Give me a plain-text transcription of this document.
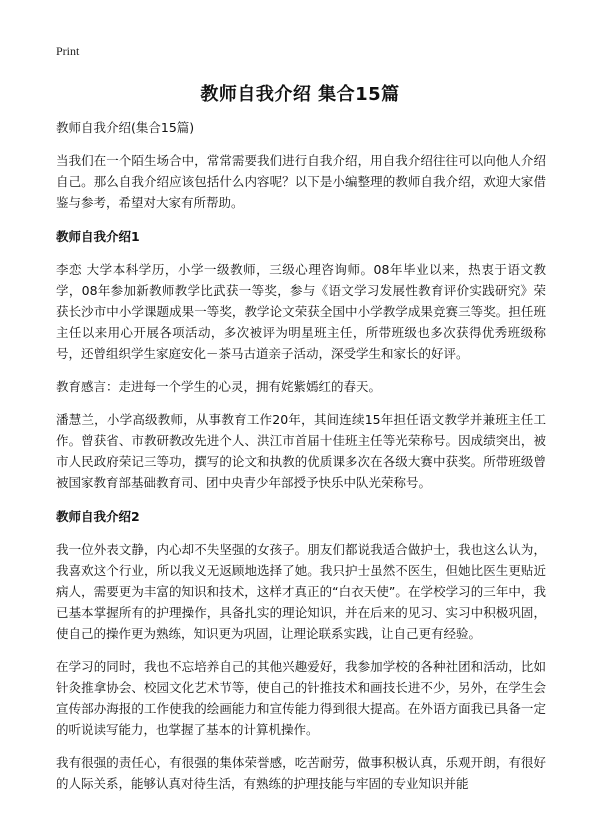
Print
教师自我介绍 集合15篇
教师自我介绍(集合15篇)

当我们在一个陌生场合中，常常需要我们进行自我介绍，用自我介绍往往可以向他人介绍自己。那么自我介绍应该包括什么内容呢？以下是小编整理的教师自我介绍，欢迎大家借鉴与参考，希望对大家有所帮助。

教师自我介绍1

李恋 大学本科学历，小学一级教师，三级心理咨询师。08年毕业以来，热衷于语文教学，08年参加新教师教学比武获一等奖，参与《语文学习发展性教育评价实践研究》荣获长沙市中小学课题成果一等奖，教学论文荣获全国中小学教学成果竞赛三等奖。担任班主任以来用心开展各项活动，多次被评为明星班主任，所带班级也多次获得优秀班级称号，还曾组织学生家庭安化－茶马古道亲子活动，深受学生和家长的好评。

教育感言：走进每一个学生的心灵，拥有姹紫嫣红的春天。

潘慧兰，小学高级教师，从事教育工作20年，其间连续15年担任语文教学并兼班主任工作。曾获省、市教研教改先进个人、洪江市首届十佳班主任等光荣称号。因成绩突出，被市人民政府荣记三等功，撰写的论文和执教的优质课多次在各级大赛中获奖。所带班级曾被国家教育部基础教育司、团中央青少年部授予快乐中队光荣称号。

教师自我介绍2

我一位外表文静，内心却不失坚强的女孩子。朋友们都说我适合做护士，我也这么认为，我喜欢这个行业，所以我义无返顾地选择了她。我只护士虽然不医生，但她比医生更贴近病人，需要更为丰富的知识和技术，这样才真正的“白衣天使”。在学校学习的三年中，我已基本掌握所有的护理操作，具备扎实的理论知识，并在后来的见习、实习中积极巩固，使自己的操作更为熟练，知识更为巩固，让理论联系实践，让自己更有经验。

在学习的同时，我也不忘培养自己的其他兴趣爱好，我参加学校的各种社团和活动，比如针灸推拿协会、校园文化艺术节等，使自己的针推技术和画技长进不少，另外，在学生会宣传部办海报的工作使我的绘画能力和宣传能力得到很大提高。在外语方面我已具备一定的听说读写能力，也掌握了基本的计算机操作。

我有很强的责任心，有很强的集体荣誉感，吃苦耐劳，做事积极认真，乐观开朗，有很好的人际关系，能够认真对待生活，有熟练的护理技能与牢固的专业知识并能
